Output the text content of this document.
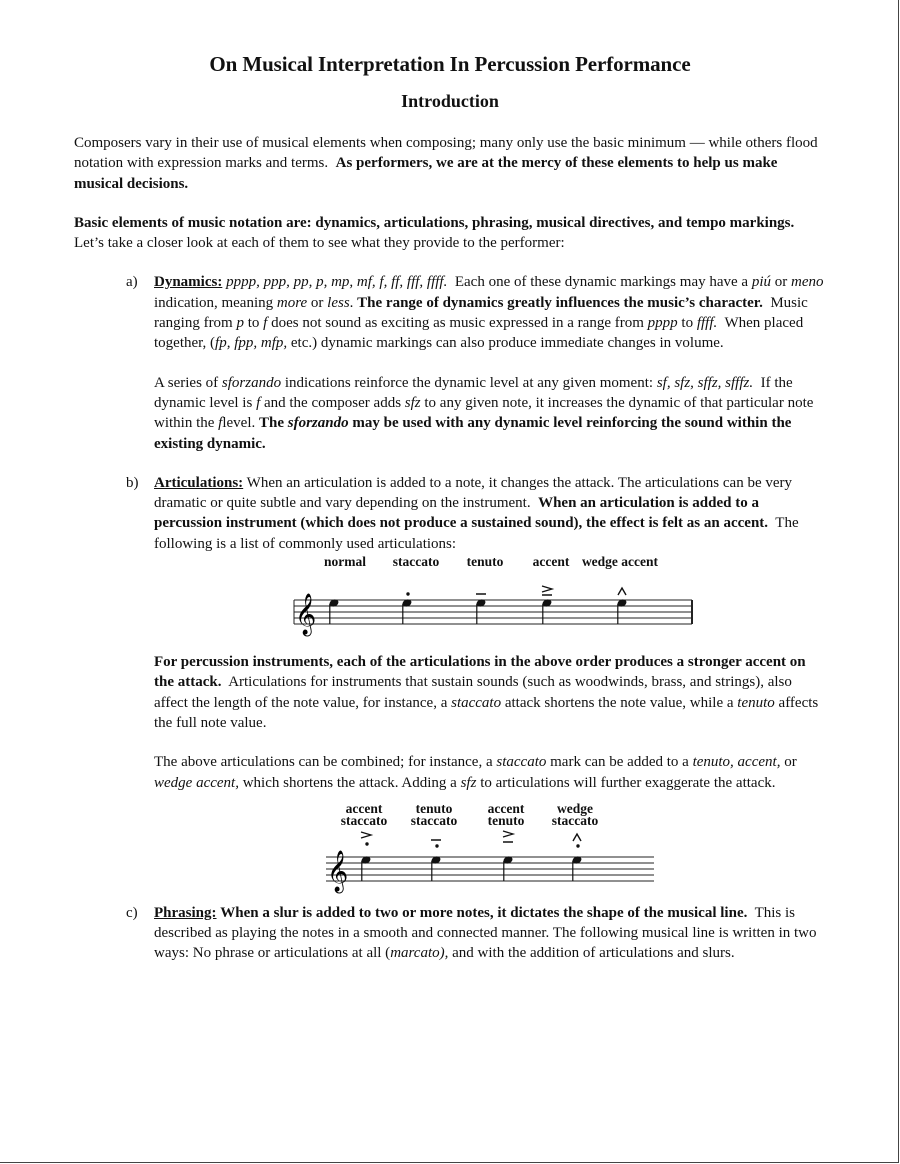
On Musical Interpretation In Percussion Performance
Introduction

Composers vary in their use of musical elements when composing; many only use the basic minimum — while others flood notation with expression marks and terms. As performers, we are at the mercy of these elements to help us make musical decisions.

Basic elements of music notation are: dynamics, articulations, phrasing, musical directives, and tempo markings.  Let’s take a closer look at each of them to see what they provide to the performer:

a) Dynamics: pppp, ppp, pp, p, mp, mf, f, ff, fff, ffff. Each one of these dynamic markings may have a piú or meno indication, meaning more or less. The range of dynamics greatly influences the music’s character. Music ranging from p to f does not sound as exciting as music expressed in a range from pppp to ffff. When placed together, (fp, fpp, mfp, etc.) dynamic markings can also produce immediate changes in volume.

A series of sforzando indications reinforce the dynamic level at any given moment: sf, sfz, sffz, sfffz. If the dynamic level is f and the composer adds sfz to any given note, it increases the dynamic of that particular note within the flevel. The sforzando may be used with any dynamic level reinforcing the sound within the existing dynamic.

b) Articulations: When an articulation is added to a note, it changes the attack. The articulations can be very dramatic or quite subtle and vary depending on the instrument. When an articulation is added to a percussion instrument (which does not produce a sustained sound), the effect is felt as an accent. The following is a list of commonly used articulations:

𝄞
normal staccato tenuto accent wedge accent

For percussion instruments, each of the articulations in the above order produces a stronger accent on the attack. Articulations for instruments that sustain sounds (such as woodwinds, brass, and strings), also affect the length of the note value, for instance, a staccato attack shortens the note value, while a tenuto affects the full note value.

The above articulations can be combined; for instance, a staccato mark can be added to a tenuto, accent, or wedge accent, which shortens the attack. Adding a sfz to articulations will further exaggerate the attack.

𝄞
accent
staccato
tenuto
staccato
accent
tenuto
wedge
staccato
c) Phrasing: When a slur is added to two or more notes, it dictates the shape of the musical line. This is described as playing the notes in a smooth and connected manner. The following musical line is written in two ways: No phrase or articulations at all (marcato), and with the addition of articulations and slurs.
